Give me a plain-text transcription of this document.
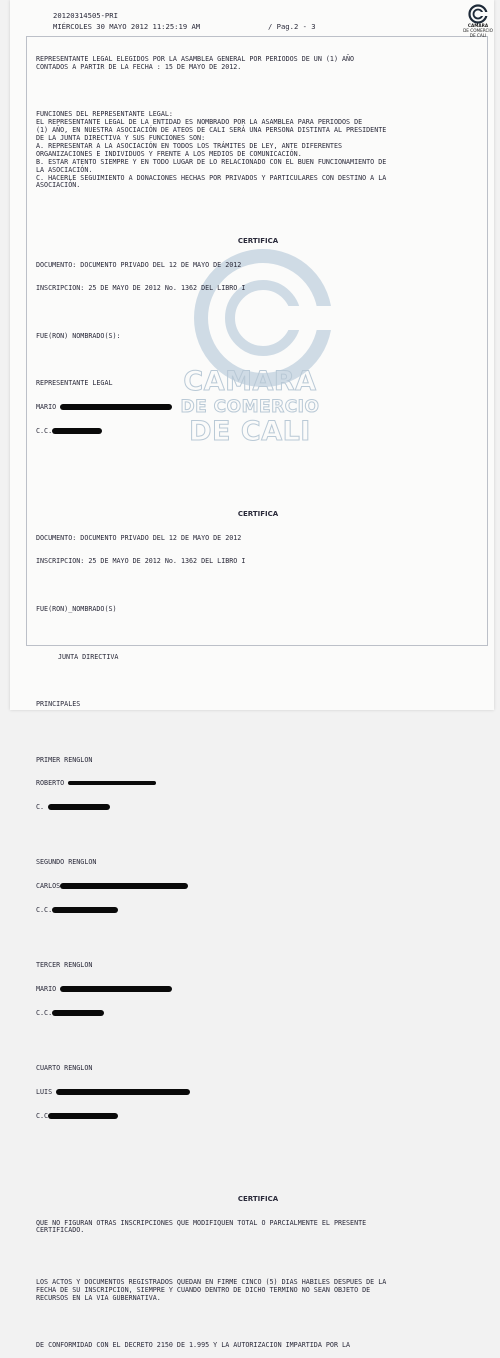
20120314505-PRI
MIÉRCOLES 30 MAYO 2012 11:25:19 AM	/ Pag.2 - 3	CAMARA
DE COMERCIO
DE CALI
CAMARA
DE COMERCIO
DE CALI

REPRESENTANTE LEGAL ELEGIDOS POR LA ASAMBLEA GENERAL POR PERIODOS DE UN (1) AÑO
CONTADOS A PARTIR DE LA FECHA : 15 DE MAYO DE 2012.

FUNCIONES DEL REPRESENTANTE LEGAL:
EL REPRESENTANTE LEGAL DE LA ENTIDAD ES NOMBRADO POR LA ASAMBLEA PARA PERIODOS DE
(1) AÑO, EN NUESTRA ASOCIACIÓN DE ATEOS DE CALI SERÁ UNA PERSONA DISTINTA AL PRESIDENTE
DE LA JUNTA DIRECTIVA Y SUS FUNCIONES SON:
A. REPRESENTAR A LA ASOCIACIÓN EN TODOS LOS TRÁMITES DE LEY, ANTE DIFERENTES
ORGANIZACIONES E INDIVIDUOS Y FRENTE A LOS MEDIOS DE COMUNICACIÓN.
B. ESTAR ATENTO SIEMPRE Y EN TODO LUGAR DE LO RELACIONADO CON EL BUEN FUNCIONAMIENTO DE
LA ASOCIACIÓN.
C. HACERLE SEGUIMIENTO A DONACIONES HECHAS POR PRIVADOS Y PARTICULARES CON DESTINO A LA
ASOCIACIÓN.

CERTIFICA

DOCUMENTO: DOCUMENTO PRIVADO DEL 12 DE MAYO DE 2012

INSCRIPCION: 25 DE MAYO DE 2012 No. 1362 DEL LIBRO I

FUE(RON) NOMBRADO(S):

REPRESENTANTE LEGAL

MARIO

C.C.

CERTIFICA

DOCUMENTO: DOCUMENTO PRIVADO DEL 12 DE MAYO DE 2012

INSCRIPCION: 25 DE MAYO DE 2012 No. 1362 DEL LIBRO I

FUE(RON)_NOMBRADO(S)

JUNTA DIRECTIVA

PRINCIPALES

PRIMER RENGLON

ROBERTO

C.

SEGUNDO RENGLON

CARLOS

C.C.

TERCER RENGLON

MARIO

C.C.

CUARTO RENGLON

LUIS

C.C

CERTIFICA

QUE NO FIGURAN OTRAS INSCRIPCIONES QUE MODIFIQUEN TOTAL O PARCIALMENTE EL PRESENTE
CERTIFICADO.

LOS ACTOS Y DOCUMENTOS REGISTRADOS QUEDAN EN FIRME CINCO (5) DIAS HABILES DESPUES DE LA
FECHA DE SU INSCRIPCION, SIEMPRE Y CUANDO DENTRO DE DICHO TERMINO NO SEAN OBJETO DE
RECURSOS EN LA VIA GUBERNATIVA.

DE CONFORMIDAD CON EL DECRETO 2150 DE 1.995 Y LA AUTORIZACION IMPARTIDA POR LA
